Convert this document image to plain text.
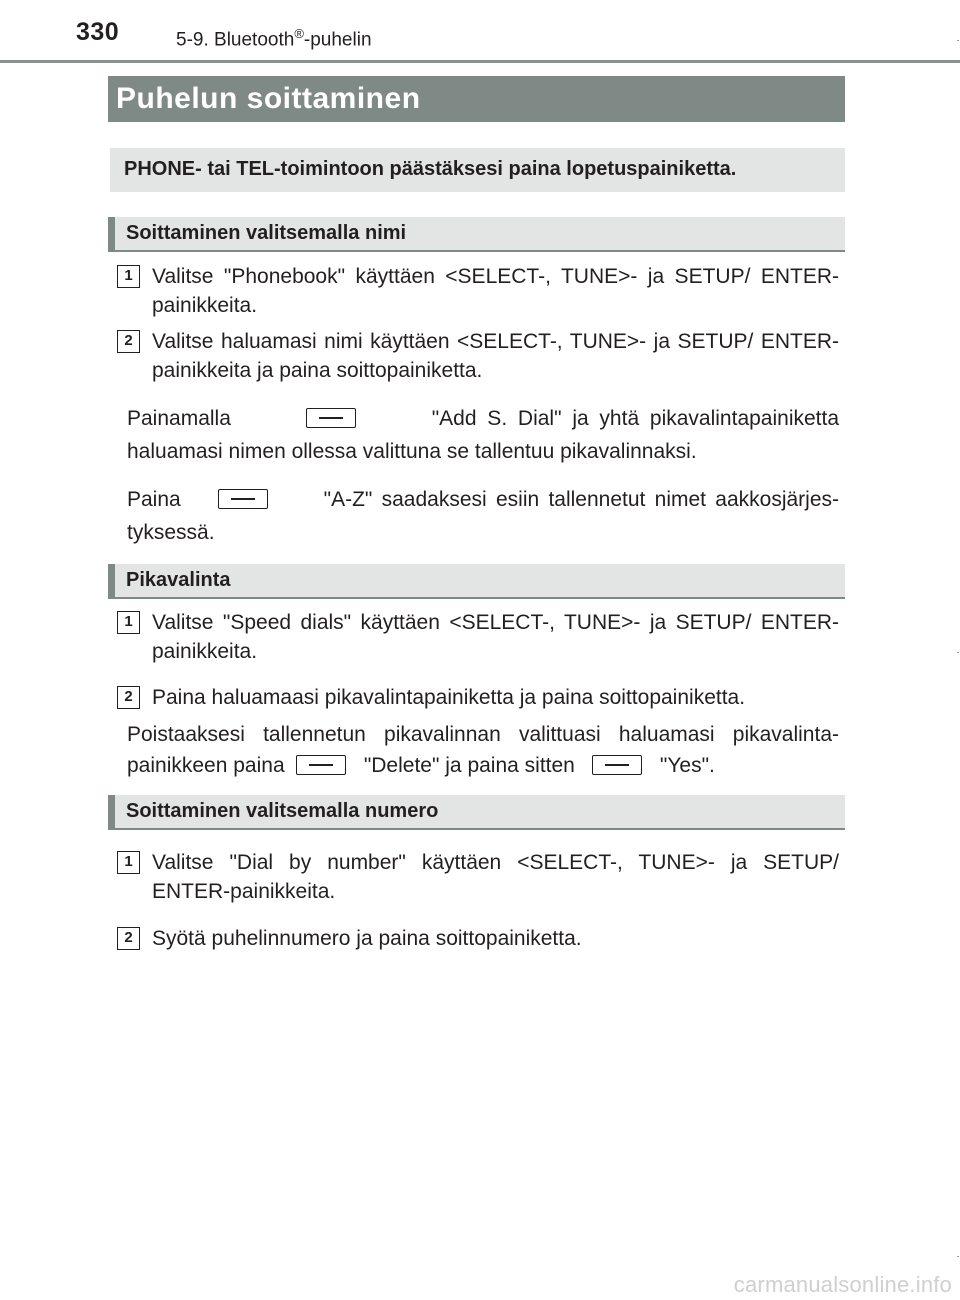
330	5-9. Bluetooth®-puhelin
Puhelun soittaminen
PHONE- tai TEL-toimintoon päästäksesi paina lopetuspainiketta.
Soittaminen valitsemalla nimi
1 Valitse "Phonebook" käyttäen <SELECT-, TUNE>- ja SETUP/ ENTER-painikkeita.
2 Valitse haluamasi nimi käyttäen <SELECT-, TUNE>- ja SETUP/ ENTER-painikkeita ja paina soittopainiketta.
Painamalla	"Add S. Dial" ja yhtä pikavalintapainiketta haluamasi nimen ollessa valittuna se tallentuu pikavalinnaksi.
Paina	"A-Z" saadaksesi esiin tallennetut nimet aakkosjärjes- tyksessä.
Pikavalinta
1 Valitse "Speed dials" käyttäen <SELECT-, TUNE>- ja SETUP/ ENTER-painikkeita.
2 Paina haluamaasi pikavalintapainiketta ja paina soittopainiketta.
Poistaaksesi tallennetun pikavalinnan valittuasi haluamasi pikavalinta- painikkeen paina	"Delete" ja paina sitten	"Yes".
Soittaminen valitsemalla numero
1 Valitse "Dial by number" käyttäen <SELECT-, TUNE>- ja SETUP/ ENTER-painikkeita.
2 Syötä puhelinnumero ja paina soittopainiketta.
carmanualsonline.info
